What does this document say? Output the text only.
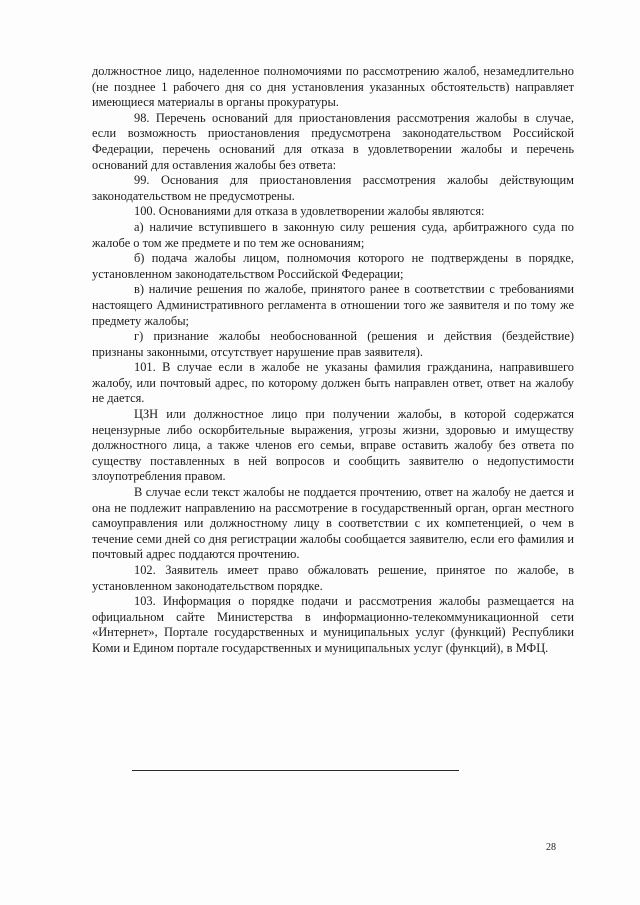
должностное лицо, наделенное полномочиями по рассмотрению жалоб, незамедлительно (не позднее 1 рабочего дня со дня установления указанных обстоятельств) направляет имеющиеся материалы в органы прокуратуры.

98. Перечень оснований для приостановления рассмотрения жалобы в случае, если возможность приостановления предусмотрена законодательством Российской Федерации, перечень оснований для отказа в удовлетворении жалобы и перечень оснований для оставления жалобы без ответа:

99. Основания для приостановления рассмотрения жалобы действующим законодательством не предусмотрены.

100. Основаниями для отказа в удовлетворении жалобы являются:

а) наличие вступившего в законную силу решения суда, арбитражного суда по жалобе о том же предмете и по тем же основаниям;

б) подача жалобы лицом, полномочия которого не подтверждены в порядке, установленном законодательством Российской Федерации;

в) наличие решения по жалобе, принятого ранее в соответствии с требованиями настоящего Административного регламента в отношении того же заявителя и по тому же предмету жалобы;

г) признание жалобы необоснованной (решения и действия (бездействие) признаны законными, отсутствует нарушение прав заявителя).

101. В случае если в жалобе не указаны фамилия гражданина, направившего жалобу, или почтовый адрес, по которому должен быть направлен ответ, ответ на жалобу не дается.

ЦЗН или должностное лицо при получении жалобы, в которой содержатся нецензурные либо оскорбительные выражения, угрозы жизни, здоровью и имуществу должностного лица, а также членов его семьи, вправе оставить жалобу без ответа по существу поставленных в ней вопросов и сообщить заявителю о недопустимости злоупотребления правом.

В случае если текст жалобы не поддается прочтению, ответ на жалобу не дается и она не подлежит направлению на рассмотрение в государственный орган, орган местного самоуправления или должностному лицу в соответствии с их компетенцией, о чем в течение семи дней со дня регистрации жалобы сообщается заявителю, если его фамилия и почтовый адрес поддаются прочтению.

102. Заявитель имеет право обжаловать решение, принятое по жалобе, в установленном законодательством порядке.

103. Информация о порядке подачи и рассмотрения жалобы размещается на официальном сайте Министерства в информационно-телекоммуникационной сети «Интернет», Портале государственных и муниципальных услуг (функций) Республики Коми и Едином портале государственных и муниципальных услуг (функций), в МФЦ.

28
